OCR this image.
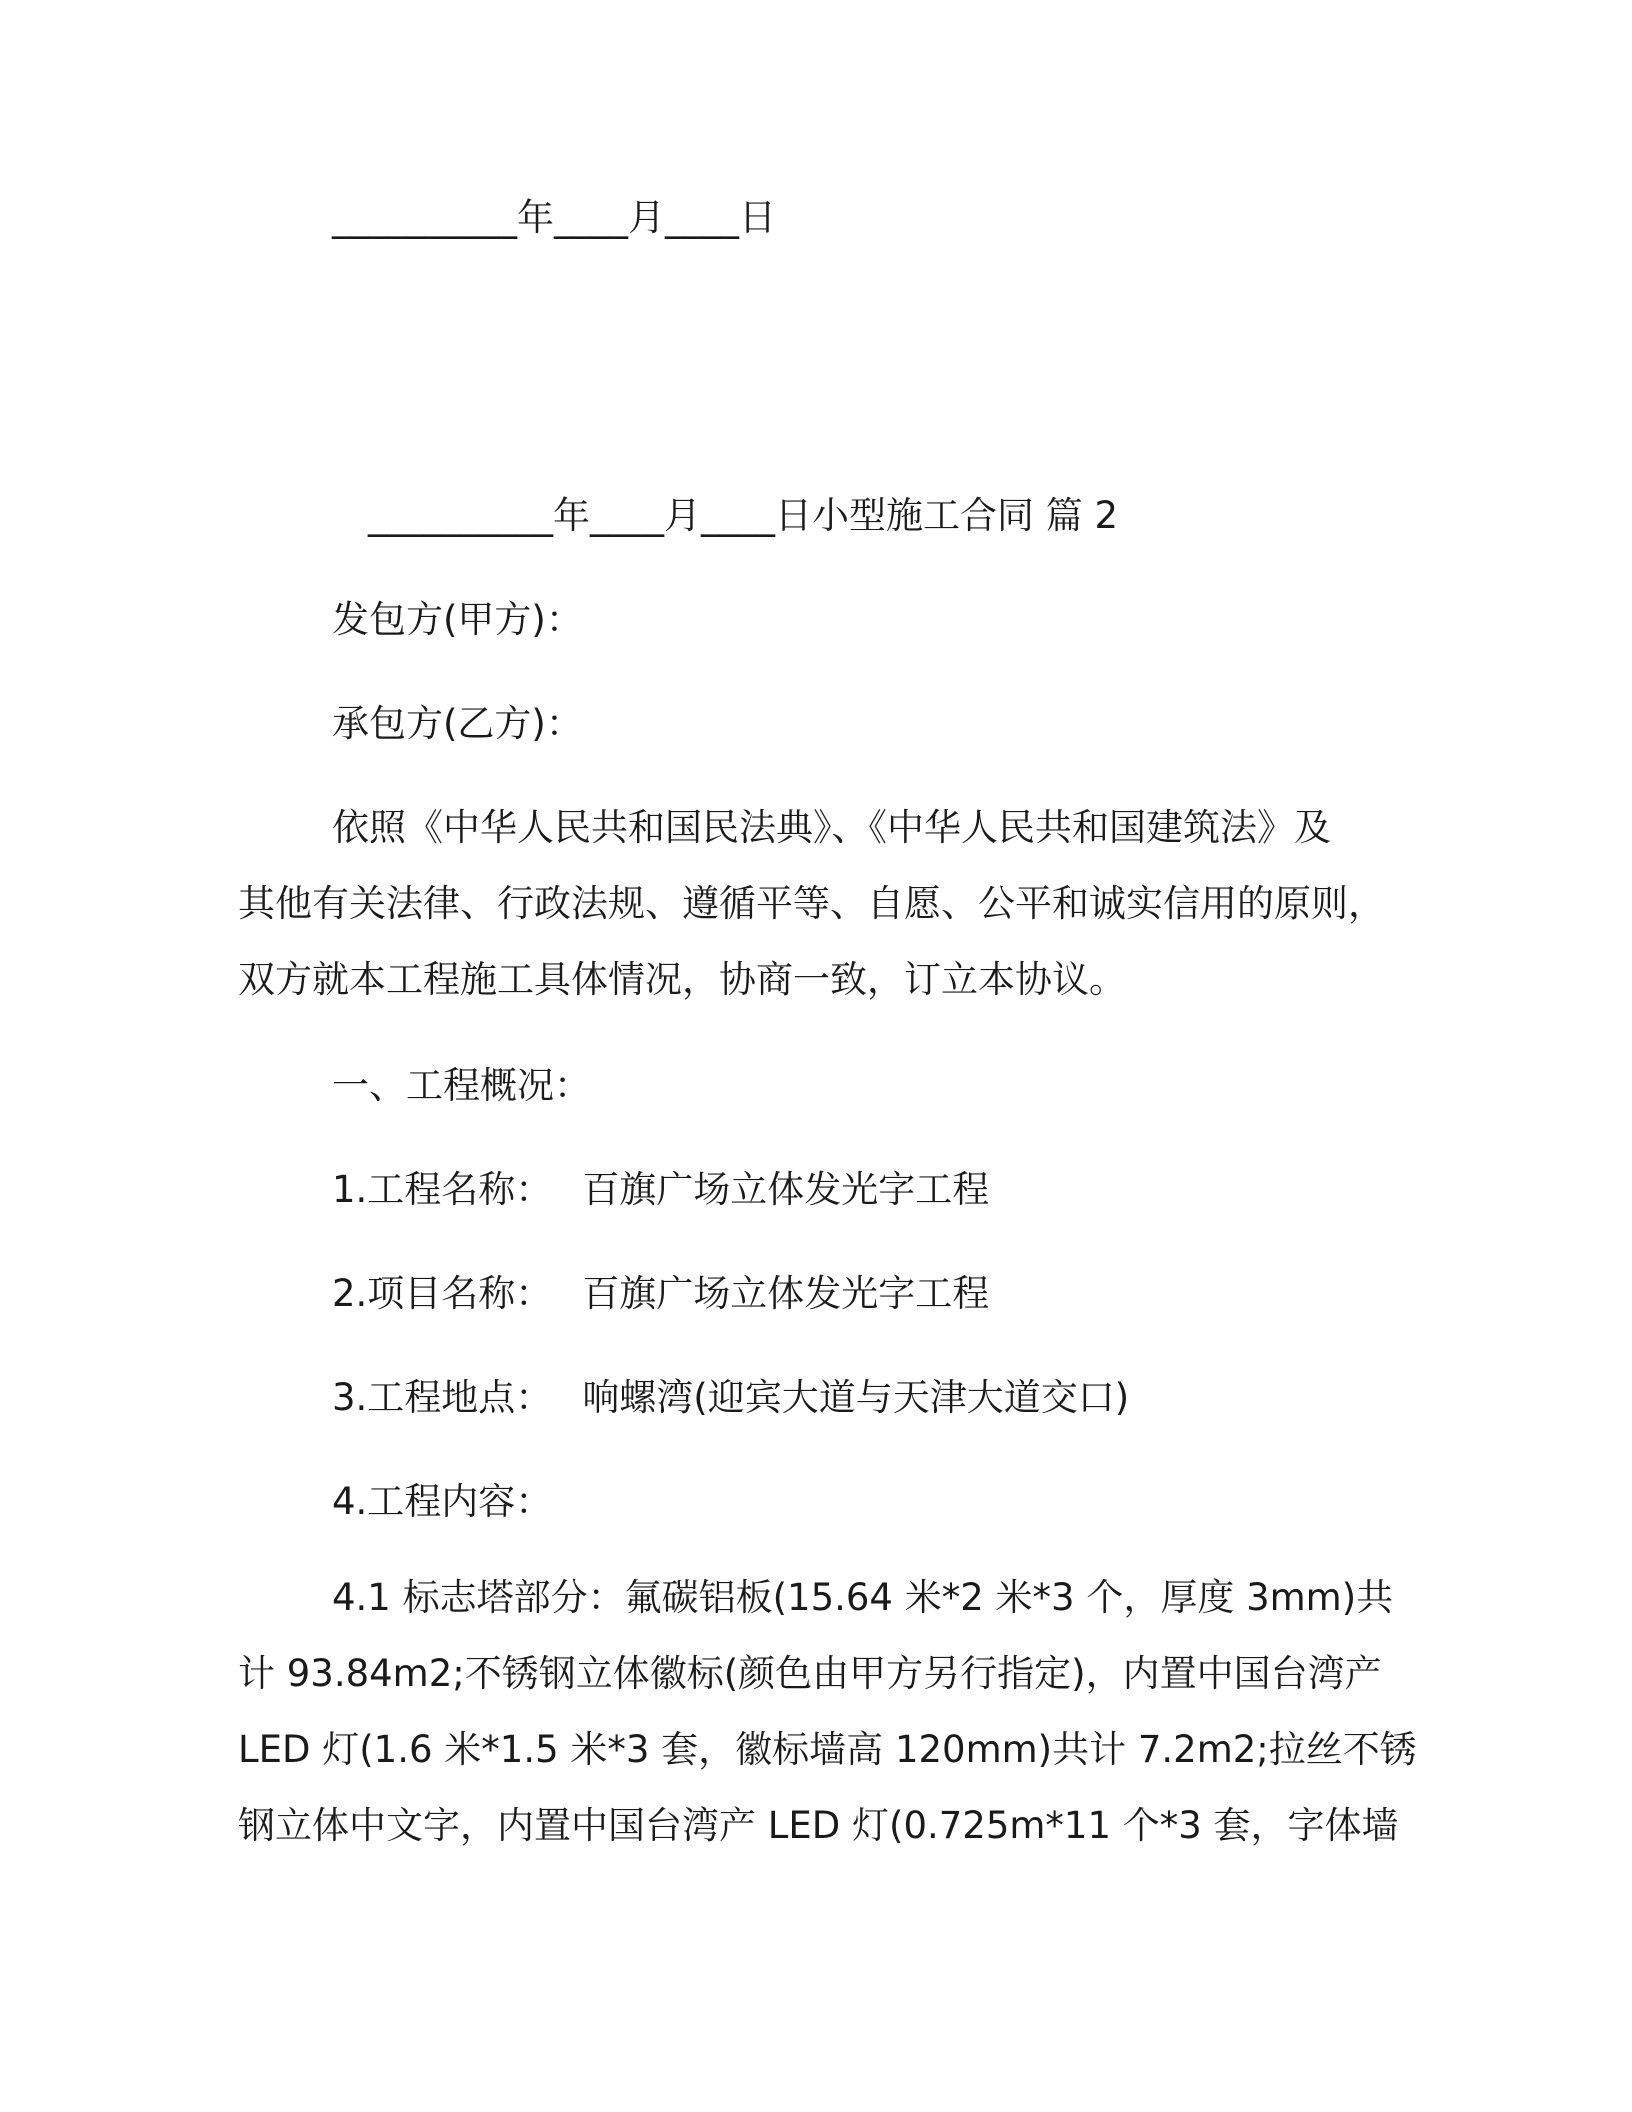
__________年____月____日
__________年____月____日小型施工合同 篇 2
发包方(甲方)：
承包方(乙方)：
依照《中华人民共和国民法典》、《中华人民共和国建筑法》及
其他有关法律、行政法规、遵循平等、自愿、公平和诚实信用的原则，
双方就本工程施工具体情况，协商一致，订立本协议。
一、工程概况：
1.工程名称： 百旗广场立体发光字工程
2.项目名称： 百旗广场立体发光字工程
3.工程地点： 响螺湾(迎宾大道与天津大道交口)
4.工程内容：
4.1 标志塔部分：氟碳铝板(15.64 米*2 米*3 个，厚度 3mm)共
计 93.84m2;不锈钢立体徽标(颜色由甲方另行指定)，内置中国台湾产
LED 灯(1.6 米*1.5 米*3 套，徽标墙高 120mm)共计 7.2m2;拉丝不锈
钢立体中文字，内置中国台湾产 LED 灯(0.725m*11 个*3 套，字体墙
